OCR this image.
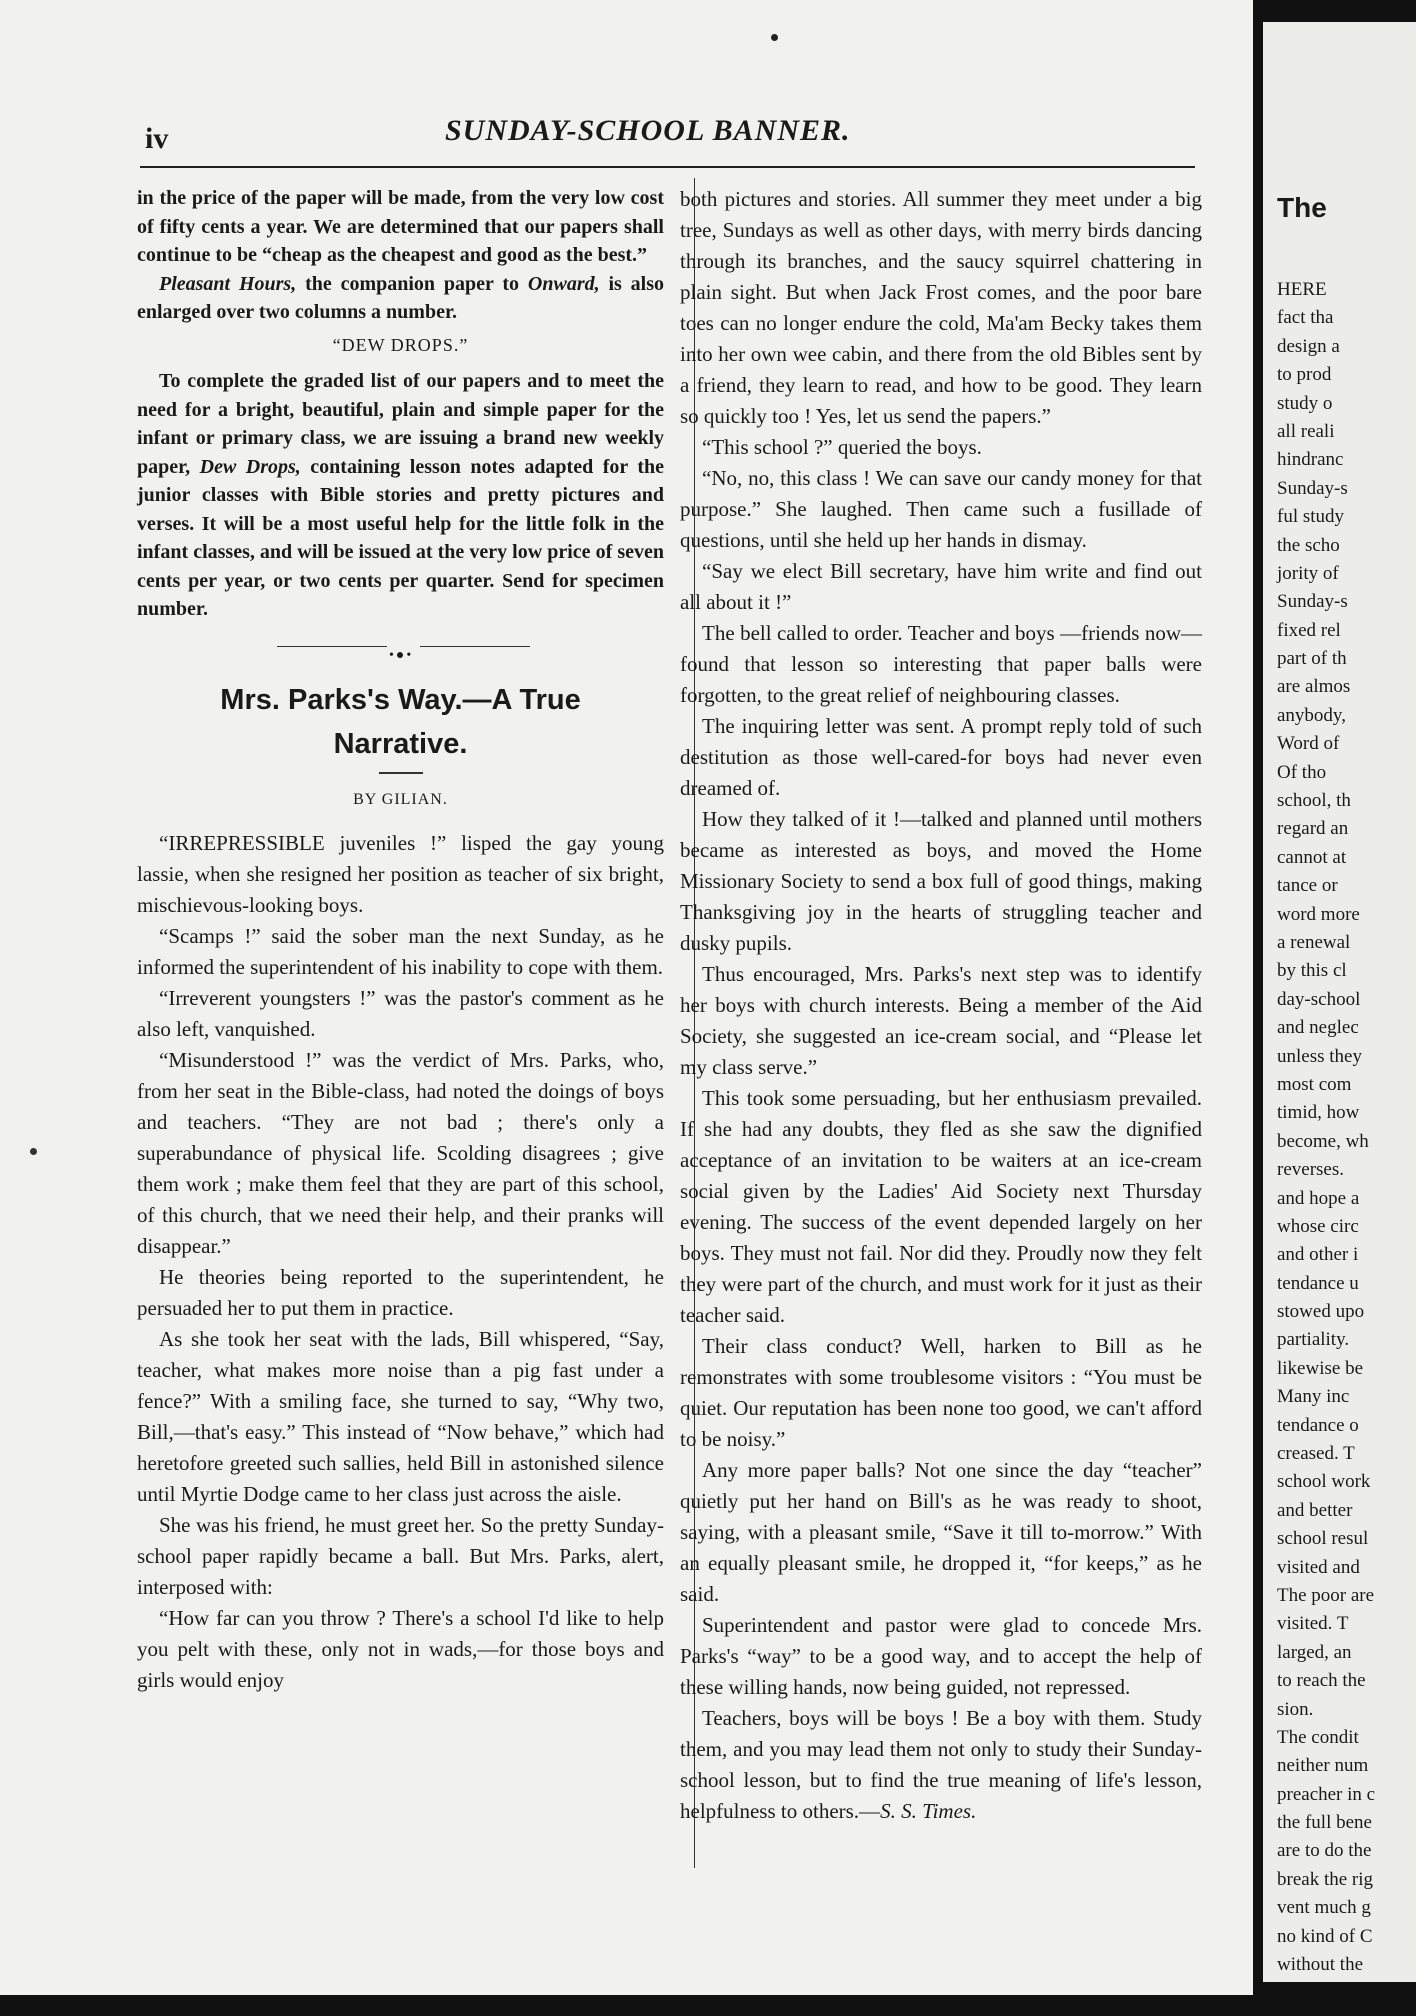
iv	SUNDAY-SCHOOL BANNER.

in the price of the paper will be made, from the very low cost of fifty cents a year. We are determined that our papers shall continue to be “cheap as the cheapest and good as the best.”

Pleasant Hours, the companion paper to Onward, is also enlarged over two columns a number.

“DEW DROPS.”

To complete the graded list of our papers and to meet the need for a bright, beautiful, plain and simple paper for the infant or primary class, we are issuing a brand new weekly paper, Dew Drops, containing lesson notes adapted for the junior classes with Bible stories and pretty pictures and verses. It will be a most useful help for the little folk in the infant classes, and will be issued at the very low price of seven cents per year, or two cents per quarter. Send for specimen number.

•●•
Mrs. Parks's Way.—A True
Narrative.
BY GILIAN.

“IRREPRESSIBLE juveniles !” lisped the gay young lassie, when she resigned her position as teacher of six bright, mischievous-looking boys.

“Scamps !” said the sober man the next Sunday, as he informed the superintendent of his inability to cope with them.

“Irreverent youngsters !” was the pastor's comment as he also left, vanquished.

“Misunderstood !” was the verdict of Mrs. Parks, who, from her seat in the Bible-class, had noted the doings of boys and teachers. “They are not bad ; there's only a superabundance of physical life. Scolding disagrees ; give them work ; make them feel that they are part of this school, of this church, that we need their help, and their pranks will disappear.”

He theories being reported to the superintendent, he persuaded her to put them in practice.

As she took her seat with the lads, Bill whispered, “Say, teacher, what makes more noise than a pig fast under a fence?” With a smiling face, she turned to say, “Why two, Bill,—that's easy.” This instead of “Now behave,” which had heretofore greeted such sallies, held Bill in astonished silence until Myrtie Dodge came to her class just across the aisle.

She was his friend, he must greet her. So the pretty Sunday-school paper rapidly became a ball. But Mrs. Parks, alert, interposed with:

“How far can you throw ? There's a school I'd like to help you pelt with these, only not in wads,—for those boys and girls would enjoy

both pictures and stories. All summer they meet under a big tree, Sundays as well as other days, with merry birds dancing through its branches, and the saucy squirrel chattering in plain sight. But when Jack Frost comes, and the poor bare toes can no longer endure the cold, Ma'am Becky takes them into her own wee cabin, and there from the old Bibles sent by a friend, they learn to read, and how to be good. They learn so quickly too ! Yes, let us send the papers.”

“This school ?” queried the boys.

“No, no, this class ! We can save our candy money for that purpose.” She laughed. Then came such a fusillade of questions, until she held up her hands in dismay.

“Say we elect Bill secretary, have him write and find out all about it !”

The bell called to order. Teacher and boys —friends now—found that lesson so interesting that paper balls were forgotten, to the great relief of neighbouring classes.

The inquiring letter was sent. A prompt reply told of such destitution as those well-cared-for boys had never even dreamed of.

How they talked of it !—talked and planned until mothers became as interested as boys, and moved the Home Missionary Society to send a box full of good things, making Thanksgiving joy in the hearts of struggling teacher and dusky pupils.

Thus encouraged, Mrs. Parks's next step was to identify her boys with church interests. Being a member of the Aid Society, she suggested an ice-cream social, and “Please let my class serve.”

This took some persuading, but her enthusiasm prevailed. If she had any doubts, they fled as she saw the dignified acceptance of an invitation to be waiters at an ice-cream social given by the Ladies' Aid Society next Thursday evening. The success of the event depended largely on her boys. They must not fail. Nor did they. Proudly now they felt they were part of the church, and must work for it just as their teacher said.

Their class conduct? Well, harken to Bill as he remonstrates with some troublesome visitors : “You must be quiet. Our reputation has been none too good, we can't afford to be noisy.”

Any more paper balls? Not one since the day “teacher” quietly put her hand on Bill's as he was ready to shoot, saying, with a pleasant smile, “Save it till to-morrow.” With an equally pleasant smile, he dropped it, “for keeps,” as he said.

Superintendent and pastor were glad to concede Mrs. Parks's “way” to be a good way, and to accept the help of these willing hands, now being guided, not repressed.

Teachers, boys will be boys ! Be a boy with them. Study them, and you may lead them not only to study their Sunday-school lesson, but to find the true meaning of life's lesson, helpfulness to others.—S. S. Times.

The
HERE
fact tha
design a
to prod
study o
all reali
hindranc
Sunday-s
ful study
the scho
jority of
Sunday-s
fixed rel
part of th
are almos
anybody,
Word of
Of tho
school, th
regard an
cannot at
tance or
word more
a renewal
by this cl
day-school
and neglec
unless they
most com
timid, how
become, wh
reverses.
and hope a
whose circ
and other i
tendance u
stowed upo
partiality.
likewise be
Many inc
tendance o
creased. T
school work
and better
school resul
visited and
The poor are
visited. T
larged, an
to reach the
sion.
The condit
neither num
preacher in c
the full bene
are to do the
break the rig
vent much g
no kind of C
without the
